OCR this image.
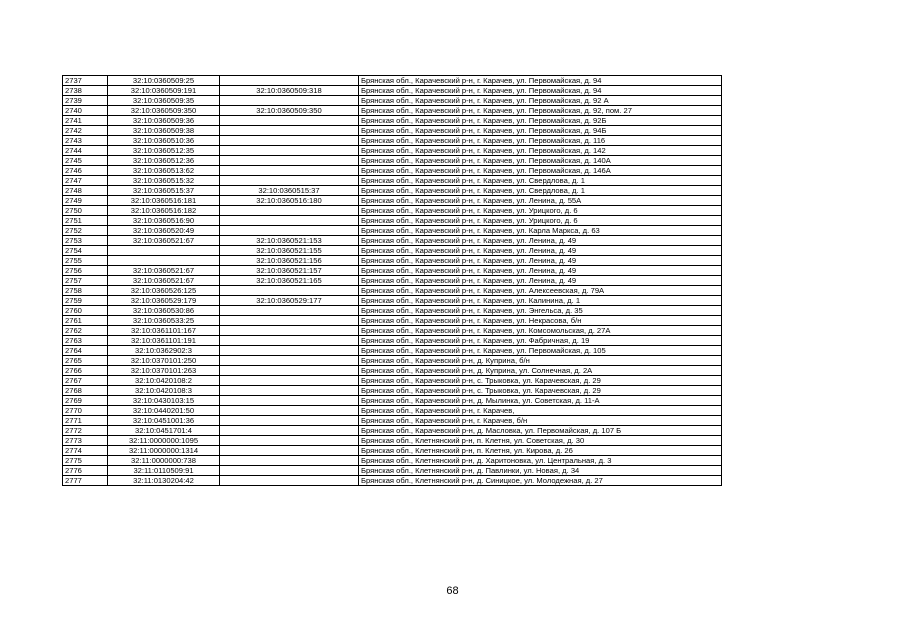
2737	32:10:0360509:25		Брянская обл., Карачевский р-н, г. Карачев, ул. Первомайская, д. 94
2738	32:10:0360509:191	32:10:0360509:318	Брянская обл., Карачевский р-н, г. Карачев, ул. Первомайская, д. 94
2739	32:10:0360509:35		Брянская обл., Карачевский р-н, г. Карачев, ул. Первомайская, д. 92 А
2740	32:10:0360509:350	32:10:0360509:350	Брянская обл., Карачевский р-н, г. Карачев, ул. Первомайская, д. 92, пом. 27
2741	32:10:0360509:36		Брянская обл., Карачевский р-н, г. Карачев, ул. Первомайская, д. 92Б
2742	32:10:0360509:38		Брянская обл., Карачевский р-н, г. Карачев, ул. Первомайская, д. 94Б
2743	32:10:0360510:36		Брянская обл., Карачевский р-н, г. Карачев, ул. Первомайская, д. 116
2744	32:10:0360512:35		Брянская обл., Карачевский р-н, г. Карачев, ул. Первомайская, д. 142
2745	32:10:0360512:36		Брянская обл., Карачевский р-н, г. Карачев, ул. Первомайская, д. 140А
2746	32:10:0360513:62		Брянская обл., Карачевский р-н, г. Карачев, ул. Первомайская, д. 146А
2747	32:10:0360515:32		Брянская обл., Карачевский р-н, г. Карачев, ул. Свердлова, д. 1
2748	32:10:0360515:37	32:10:0360515:37	Брянская обл., Карачевский р-н, г. Карачев, ул. Свердлова, д. 1
2749	32:10:0360516:181	32:10:0360516:180	Брянская обл., Карачевский р-н, г. Карачев, ул. Ленина, д. 55А
2750	32:10:0360516:182		Брянская обл., Карачевский р-н, г. Карачев, ул. Урицкого, д. 6
2751	32:10:0360516:90		Брянская обл., Карачевский р-н, г. Карачев, ул. Урицкого, д. 6
2752	32:10:0360520:49		Брянская обл., Карачевский р-н, г. Карачев, ул. Карла Маркса, д. 63
2753	32:10:0360521:67	32:10:0360521:153	Брянская обл., Карачевский р-н, г. Карачев, ул. Ленина, д. 49
2754		32:10:0360521:155	Брянская обл., Карачевский р-н, г. Карачев, ул. Ленина, д. 49
2755		32:10:0360521:156	Брянская обл., Карачевский р-н, г. Карачев, ул. Ленина, д. 49
2756	32:10:0360521:67	32:10:0360521:157	Брянская обл., Карачевский р-н, г. Карачев, ул. Ленина, д. 49
2757	32:10:0360521:67	32:10:0360521:165	Брянская обл., Карачевский р-н, г. Карачев, ул. Ленина, д. 49
2758	32:10:0360526:125		Брянская обл., Карачевский р-н, г. Карачев, ул. Алексеевская, д. 79А
2759	32:10:0360529:179	32:10:0360529:177	Брянская обл., Карачевский р-н, г. Карачев, ул. Калинина, д. 1
2760	32:10:0360530:86		Брянская обл., Карачевский р-н, г. Карачев, ул. Энгельса, д. 35
2761	32:10:0360533:25		Брянская обл., Карачевский р-н, г. Карачев, ул. Некрасова, б/н
2762	32:10:0361101:167		Брянская обл., Карачевский р-н, г. Карачев, ул. Комсомольская, д. 27А
2763	32:10:0361101:191		Брянская обл., Карачевский р-н, г. Карачев, ул. Фабричная, д. 19
2764	32:10:0362902:3		Брянская обл., Карачевский р-н, г. Карачев, ул. Первомайская, д. 105
2765	32:10:0370101:250		Брянская обл., Карачевский р-н, д. Куприна, б/н
2766	32:10:0370101:263		Брянская обл., Карачевский р-н, д. Куприна, ул. Солнечная, д. 2А
2767	32:10:0420108:2		Брянская обл., Карачевский р-н, с. Трыковка, ул. Карачевская, д. 29
2768	32:10:0420108:3		Брянская обл., Карачевский р-н, с. Трыковка, ул. Карачевская, д. 29
2769	32:10:0430103:15		Брянская обл., Карачевский р-н, д. Мылинка, ул. Советская, д. 11-А
2770	32:10:0440201:50		Брянская обл., Карачевский р-н, г. Карачев,
2771	32:10:0451001:36		Брянская обл., Карачевский р-н, г. Карачев, б/н
2772	32:10:0451701:4		Брянская обл., Карачевский р-н, д. Масловка, ул. Первомайская, д. 107 Б
2773	32:11:0000000:1095		Брянская обл., Клетнянский р-н, п. Клетня, ул. Советская, д. 30
2774	32:11:0000000:1314		Брянская обл., Клетнянский р-н, п. Клетня, ул. Кирова, д. 26
2775	32:11:0000000:738		Брянская обл., Клетнянский р-н, д. Харитоновка, ул. Центральная, д. 3
2776	32:11:0110509:91		Брянская обл., Клетнянский р-н, д. Павлинки, ул. Новая, д. 34
2777	32:11:0130204:42		Брянская обл., Клетнянский р-н, д. Синицкое, ул. Молодежная, д. 27
68
